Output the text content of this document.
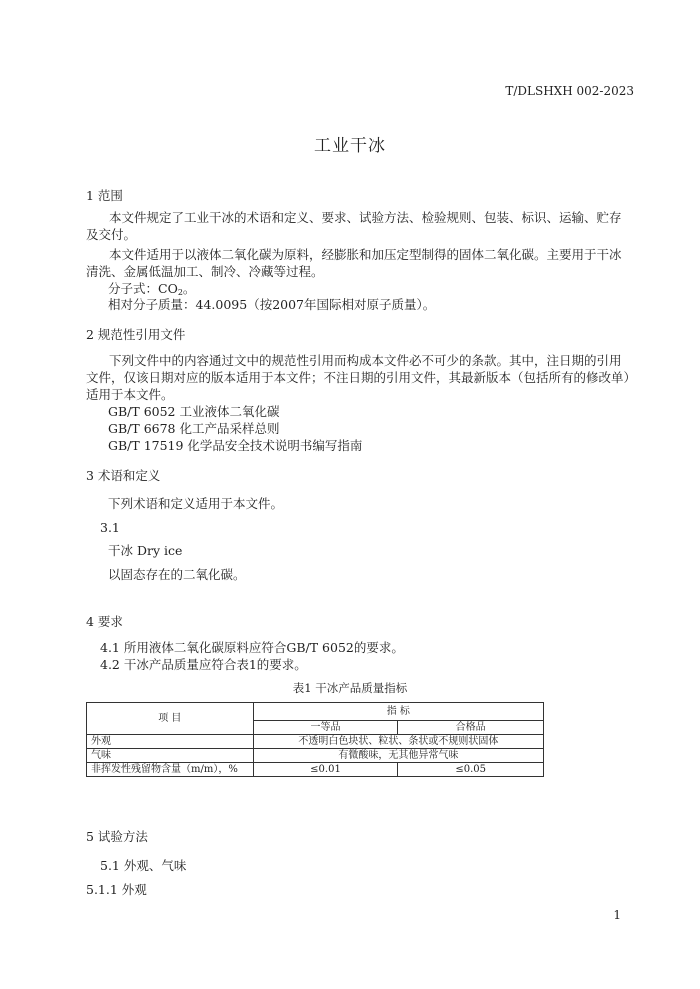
T/DLSHXH 002-2023
工业干冰
1 范围
本文件规定了工业干冰的术语和定义、要求、试验方法、检验规则、包装、标识、运输、贮存及交付。
本文件适用于以液体二氧化碳为原料，经膨胀和加压定型制得的固体二氧化碳。主要用于干冰清洗、金属低温加工、制冷、冷藏等过程。
分子式：$CO_2$。
相对分子质量：44.0095（按2007年国际相对原子质量）。
2 规范性引用文件
下列文件中的内容通过文中的规范性引用而构成本文件必不可少的条款。其中，注日期的引用文件，仅该日期对应的版本适用于本文件；不注日期的引用文件，其最新版本（包括所有的修改单）适用于本文件。
GB/T 6052 工业液体二氧化碳
GB/T 6678 化工产品采样总则
GB/T 17519 化学品安全技术说明书编写指南
3 术语和定义
下列术语和定义适用于本文件。
3.1
干冰 Dry ice
以固态存在的二氧化碳。
4 要求
4.1 所用液体二氧化碳原料应符合GB/T 6052的要求。
4.2 干冰产品质量应符合表1的要求。
表1 干冰产品质量指标
项 目	指 标	
	一等品	合格品
外观	不透明白色块状、粒状、条状或不规则状固体	
气味	有微酸味，无其他异常气味	
非挥发性残留物含量（m/m），%	≤0.01	≤0.05
5 试验方法
5.1 外观、气味
5.1.1 外观
1
